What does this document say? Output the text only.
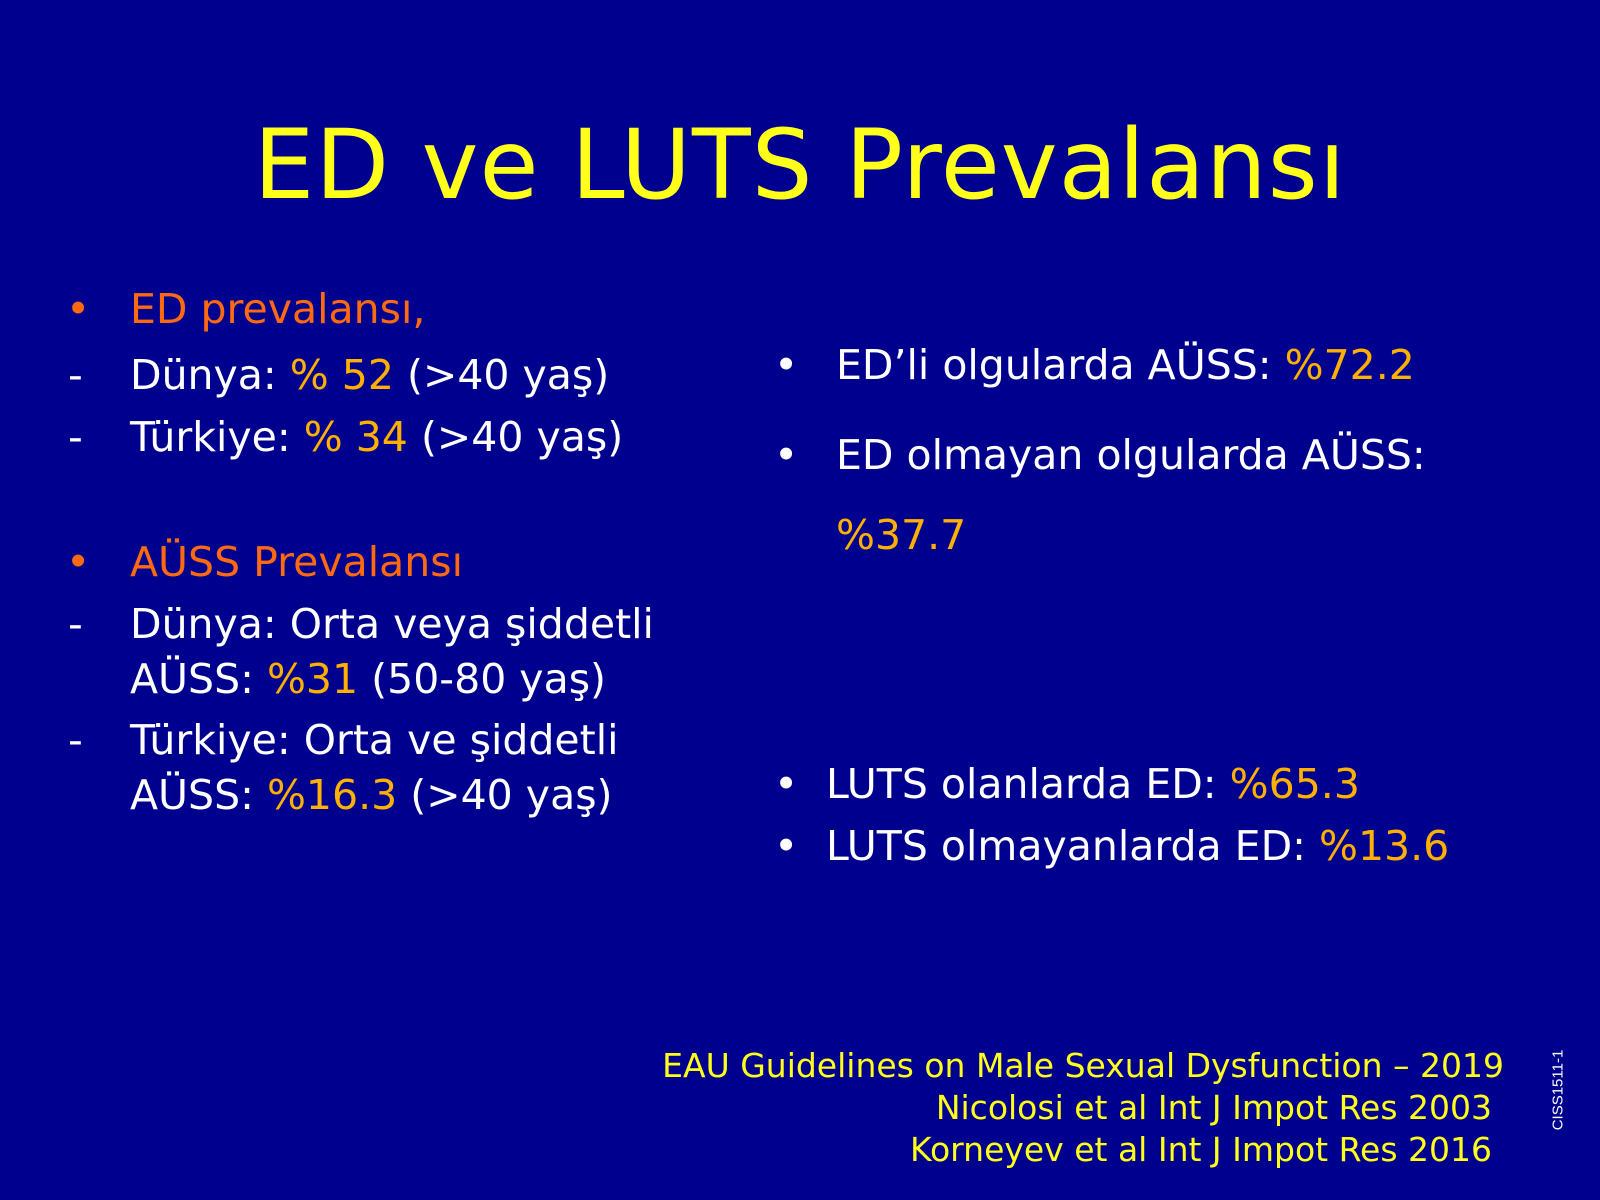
ED ve LUTS Prevalansı
• ED prevalansı,
- Dünya: % 52 (>40 yaş)
- Türkiye: % 34 (>40 yaş)
• AÜSS Prevalansı
- Dünya: Orta veya şiddetli
AÜSS: %31 (50-80 yaş)
- Türkiye: Orta ve şiddetli
AÜSS: %16.3 (>40 yaş)
• ED’li olgularda AÜSS: %72.2
• ED olmayan olgularda AÜSS:
%37.7
• LUTS olanlarda ED: %65.3
• LUTS olmayanlarda ED: %13.6
EAU Guidelines on Male Sexual Dysfunction – 2019
Nicolosi et al Int J Impot Res 2003
Korneyev et al Int J Impot Res 2016
CISS1511-1
